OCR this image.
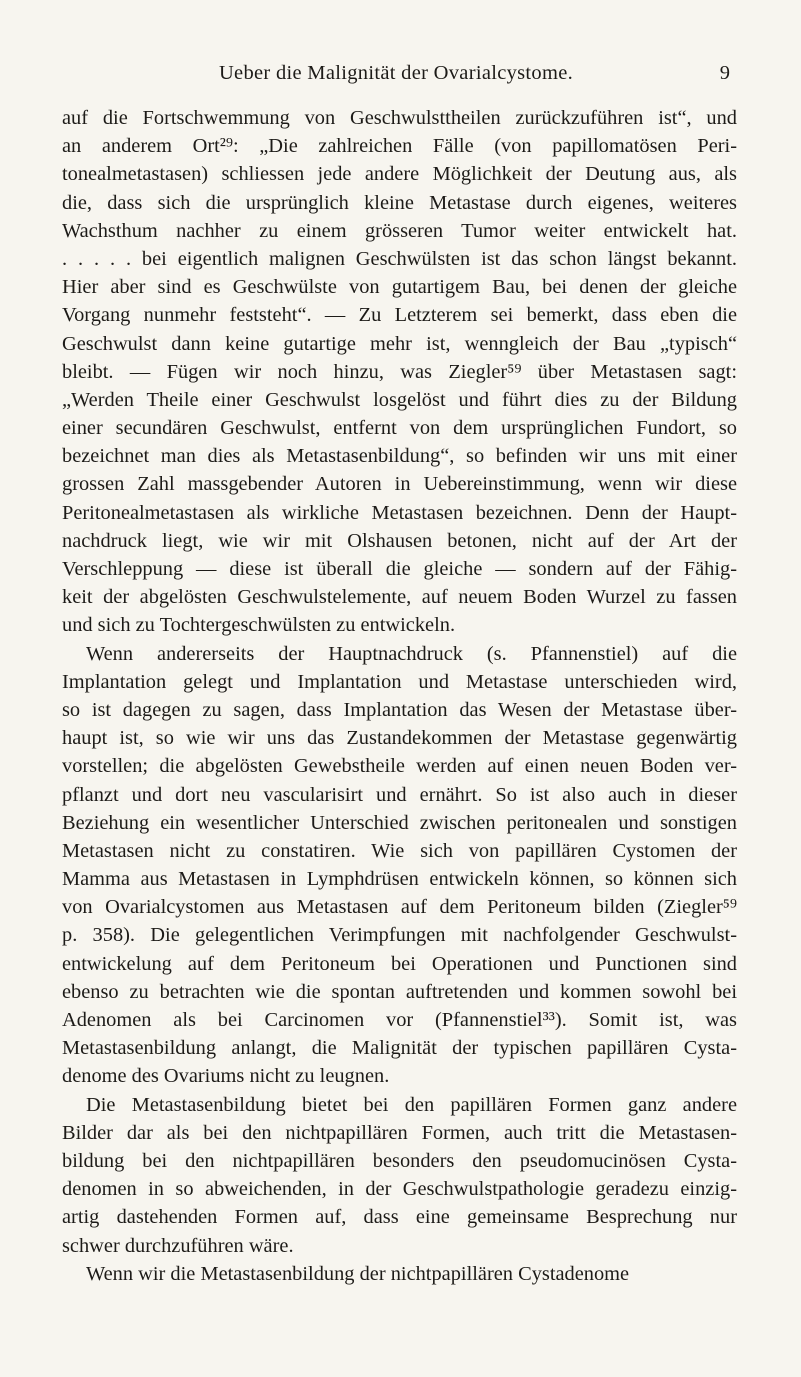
Ueber die Malignität der Ovarialcystome.	9
auf die Fortschwemmung von Geschwulsttheilen zurückzuführen ist“, und
an anderem Ort²⁹: „Die zahlreichen Fälle (von papillomatösen Peri-
tonealmetastasen) schliessen jede andere Möglichkeit der Deutung aus, als
die, dass sich die ursprünglich kleine Metastase durch eigenes, weiteres
Wachsthum nachher zu einem grösseren Tumor weiter entwickelt hat.
. . . . . bei eigentlich malignen Geschwülsten ist das schon längst bekannt.
Hier aber sind es Geschwülste von gutartigem Bau, bei denen der gleiche
Vorgang nunmehr feststeht“. — Zu Letzterem sei bemerkt, dass eben die
Geschwulst dann keine gutartige mehr ist, wenngleich der Bau „typisch“
bleibt. — Fügen wir noch hinzu, was Ziegler⁵⁹ über Metastasen sagt:
„Werden Theile einer Geschwulst losgelöst und führt dies zu der Bildung
einer secundären Geschwulst, entfernt von dem ursprünglichen Fundort, so
bezeichnet man dies als Metastasenbildung“, so befinden wir uns mit einer
grossen Zahl massgebender Autoren in Uebereinstimmung, wenn wir diese
Peritonealmetastasen als wirkliche Metastasen bezeichnen. Denn der Haupt-
nachdruck liegt, wie wir mit Olshausen betonen, nicht auf der Art der
Verschleppung — diese ist überall die gleiche — sondern auf der Fähig-
keit der abgelösten Geschwulstelemente, auf neuem Boden Wurzel zu fassen
und sich zu Tochtergeschwülsten zu entwickeln.
Wenn andererseits der Hauptnachdruck (s. Pfannenstiel) auf die
Implantation gelegt und Implantation und Metastase unterschieden wird,
so ist dagegen zu sagen, dass Implantation das Wesen der Metastase über-
haupt ist, so wie wir uns das Zustandekommen der Metastase gegenwärtig
vorstellen; die abgelösten Gewebstheile werden auf einen neuen Boden ver-
pflanzt und dort neu vascularisirt und ernährt. So ist also auch in dieser
Beziehung ein wesentlicher Unterschied zwischen peritonealen und sonstigen
Metastasen nicht zu constatiren. Wie sich von papillären Cystomen der
Mamma aus Metastasen in Lymphdrüsen entwickeln können, so können sich
von Ovarialcystomen aus Metastasen auf dem Peritoneum bilden (Ziegler⁵⁹
p. 358). Die gelegentlichen Verimpfungen mit nachfolgender Geschwulst-
entwickelung auf dem Peritoneum bei Operationen und Punctionen sind
ebenso zu betrachten wie die spontan auftretenden und kommen sowohl bei
Adenomen als bei Carcinomen vor (Pfannenstiel³³). Somit ist, was
Metastasenbildung anlangt, die Malignität der typischen papillären Cysta-
denome des Ovariums nicht zu leugnen.
Die Metastasenbildung bietet bei den papillären Formen ganz andere
Bilder dar als bei den nichtpapillären Formen, auch tritt die Metastasen-
bildung bei den nichtpapillären besonders den pseudomucinösen Cysta-
denomen in so abweichenden, in der Geschwulstpathologie geradezu einzig-
artig dastehenden Formen auf, dass eine gemeinsame Besprechung nur
schwer durchzuführen wäre.
Wenn wir die Metastasenbildung der nichtpapillären Cystadenome
